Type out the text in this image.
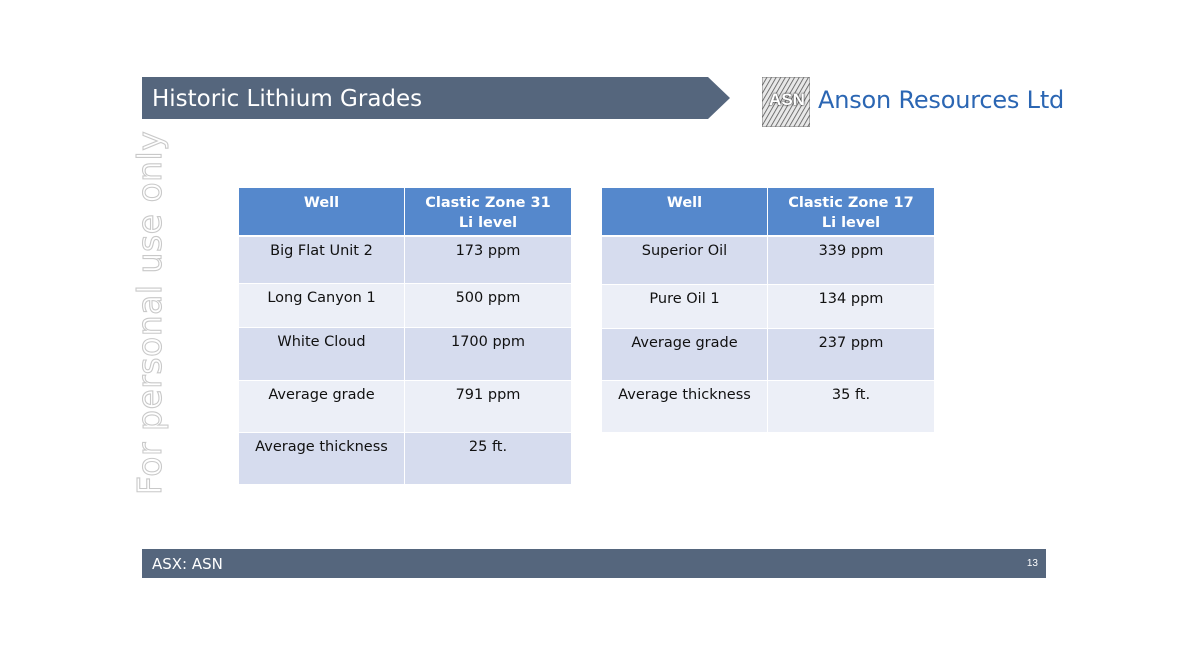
Historic Lithium Grades	ASN Anson Resources Ltd
For personal use only	Well	Clastic Zone 31
Li level
Big Flat Unit 2	173 ppm
Long Canyon 1	500 ppm
White Cloud	1700 ppm
Average grade	791 ppm
Average thickness	25 ft.
Well	Clastic Zone 17
Li level
Superior Oil	339 ppm
Pure Oil 1	134 ppm
Average grade	237 ppm
Average thickness	35 ft.
ASX: ASN	13
